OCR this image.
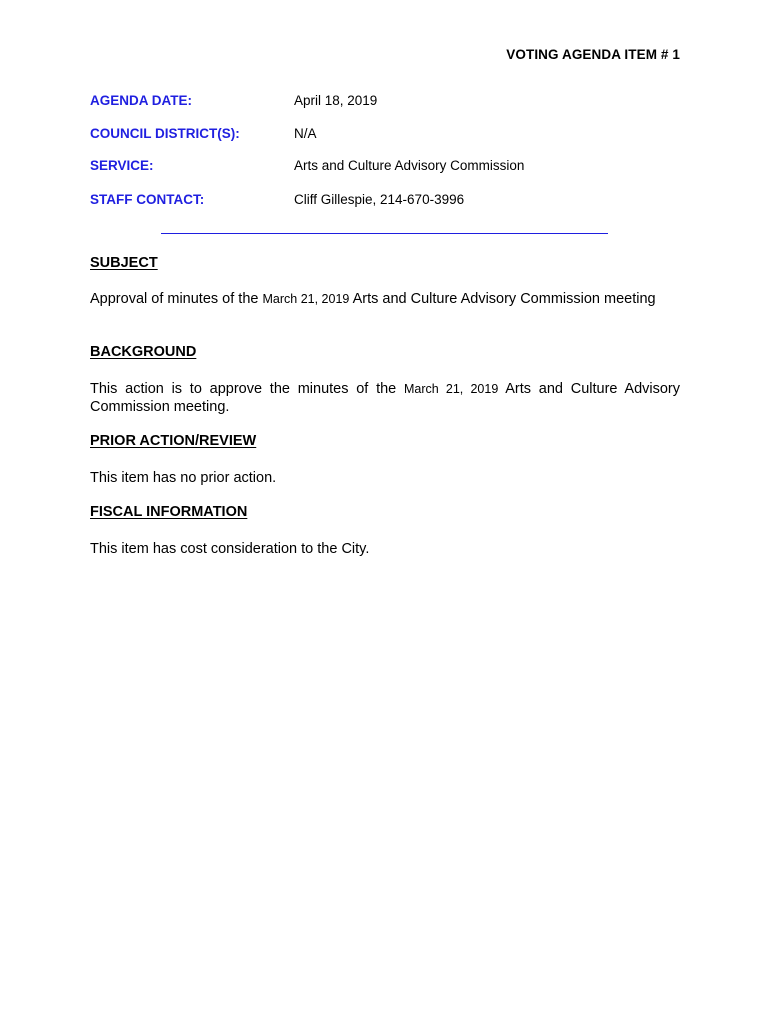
VOTING AGENDA ITEM # 1
AGENDA DATE:	April 18, 2019
COUNCIL DISTRICT(S):	N/A
SERVICE:	Arts and Culture Advisory Commission
STAFF CONTACT:	Cliff Gillespie, 214-670-3996
SUBJECT
Approval of minutes of the March 21, 2019 Arts and Culture Advisory Commission meeting
BACKGROUND
This action is to approve the minutes of the March 21, 2019 Arts and Culture Advisory Commission meeting.
PRIOR ACTION/REVIEW
This item has no prior action.
FISCAL INFORMATION
This item has cost consideration to the City.
